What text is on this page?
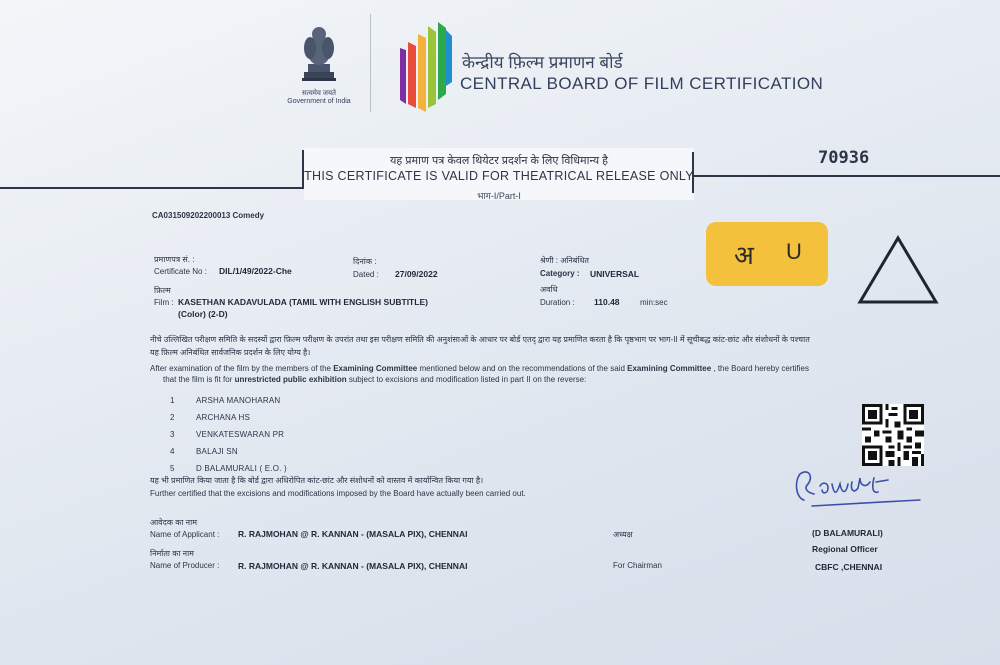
सत्यमेव जयते
Government of India
केन्द्रीय फ़िल्म प्रमाणन बोर्ड
CENTRAL BOARD OF FILM CERTIFICATION
यह प्रमाण पत्र केवल थियेटर प्रदर्शन के लिए विधिमान्य है
THIS CERTIFICATE IS VALID FOR THEATRICAL RELEASE ONLY
भाग-I/Part-I
70936
CA031509202200013 Comedy
प्रमाणपत्र सं. :
Certificate No : DIL/1/49/2022-Che
दिनांक :
Dated : 27/09/2022
श्रेणी : अनिबंधित
Category : UNIVERSAL
फ़िल्म
Film : KASETHAN KADAVULADA (TAMIL WITH ENGLISH SUBTITLE)
(Color) (2-D)
अवधि
Duration : 110.48	min:sec
अ U
नीचे उल्लिखित परीक्षण समिति के सदस्यों द्वारा फ़िल्म परीक्षण के उपरांत तथा इस परीक्षण समिति की अनुशंसाओं के आधार पर बोर्ड एतद् द्वारा यह प्रमाणित करता है कि पृष्ठभाग पर भाग-II में सूचीबद्ध कांट-छांट और संशोधनों के पश्चात
यह फ़िल्म अनिबंधित सार्वजनिक प्रदर्शन के लिए योग्य है।
After examination of the film by the members of the Examining Committee mentioned below and on the recommendations of the said Examining Committee , the Board hereby certifies
that the film is fit for unrestricted public exhibition subject to excisions and modification listed in part II on the reverse:
1	ARSHA MANOHARAN
2	ARCHANA HS
3	VENKATESWARAN PR
4	BALAJI SN
5	D BALAMURALI ( E.O. )
यह भी प्रमाणित किया जाता है कि बोर्ड द्वारा अधिरोपित कांट-छांट और संशोधनों को वास्तव में कार्यान्वित किया गया है।
Further certified that the excisions and modifications imposed by the Board have actually been carried out.
आवेदक का नाम
Name of Applicant : R. RAJMOHAN @ R. KANNAN - (MASALA PIX), CHENNAI
निर्माता का नाम
Name of Producer : R. RAJMOHAN @ R. KANNAN - (MASALA PIX), CHENNAI
अध्यक्ष
For Chairman
(D BALAMURALI)
Regional Officer
CBFC ,CHENNAI
